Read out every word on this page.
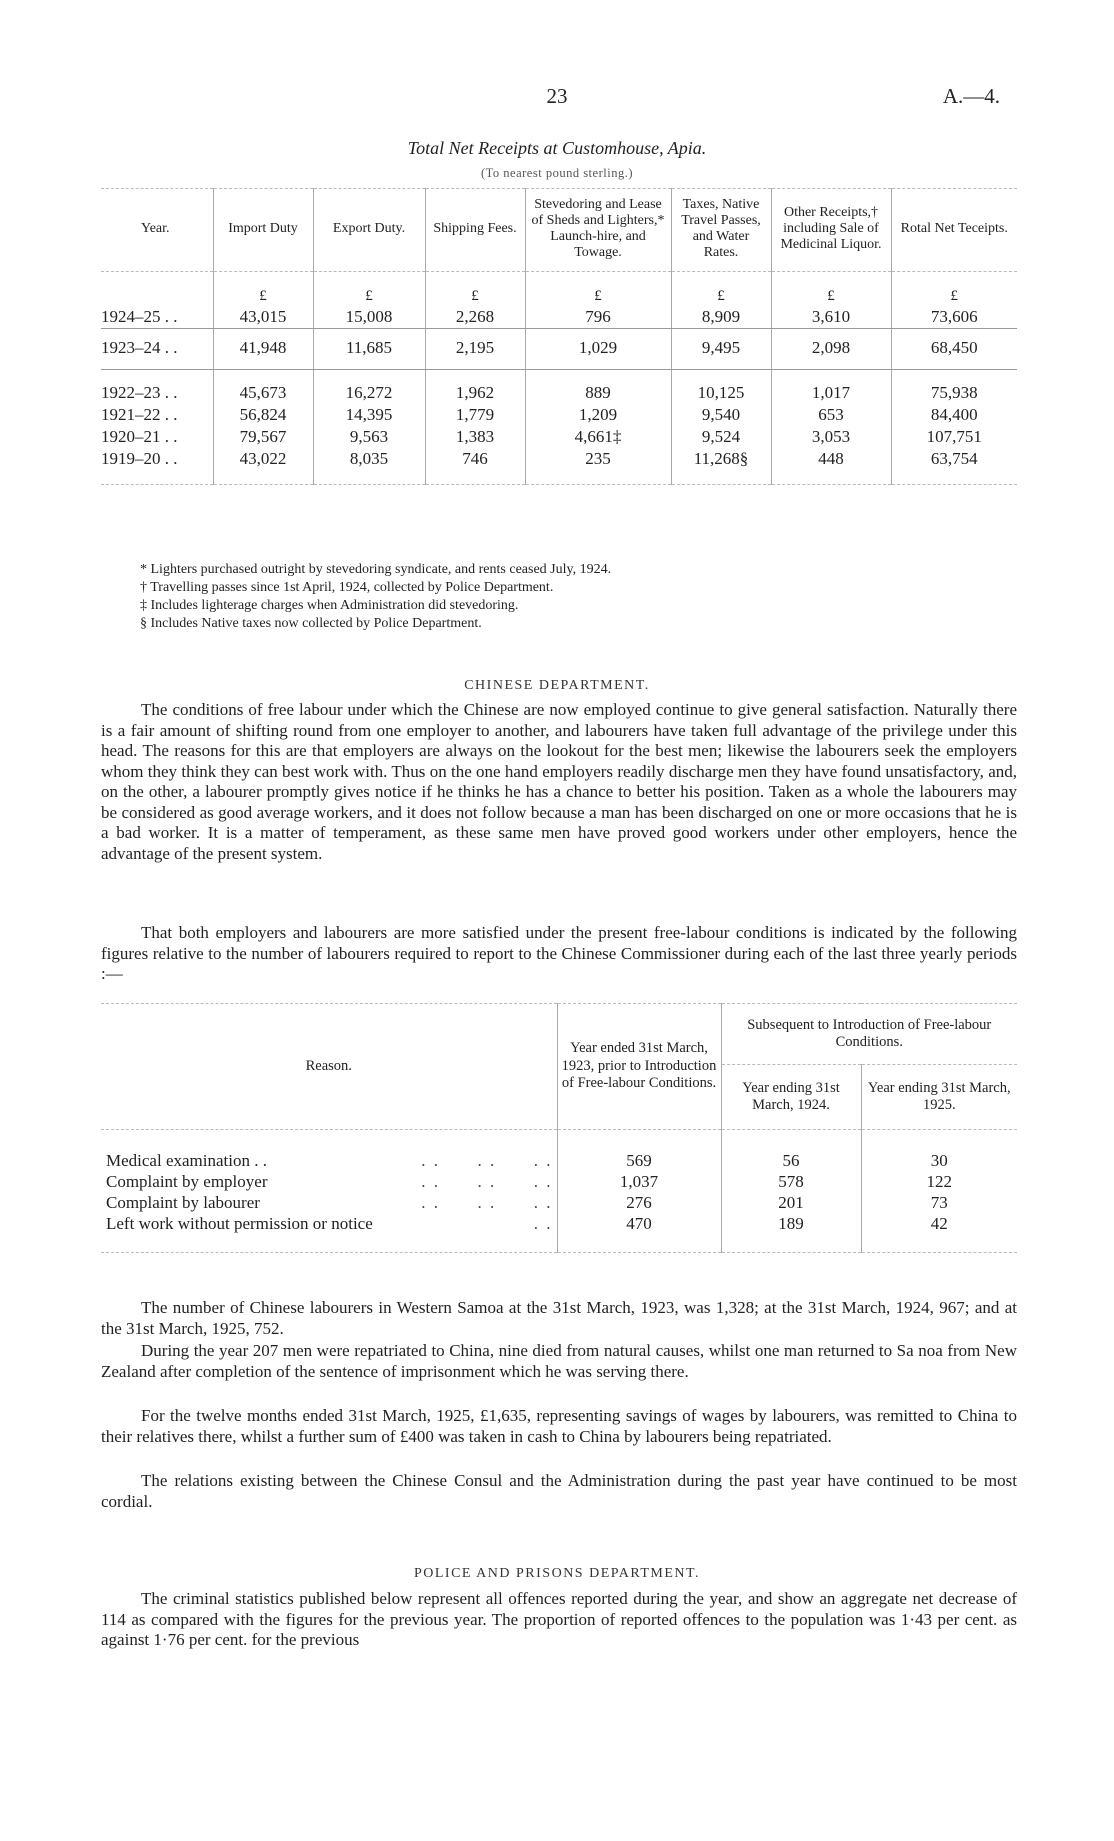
23	A.—4.
Total Net Receipts at Customhouse, Apia.
(To nearest pound sterling.)
Year.	Import Duty	Export Duty.	Shipping Fees.	Stevedoring and Lease of Sheds and Lighters,* Launch-hire, and Towage.	Taxes, Native Travel Passes, and Water Rates.	Other Receipts,† including Sale of Medicinal Liquor.	Rotal Net Teceipts.
	£	£	£	£	£	£	£
1924–25 . .	43,015	15,008	2,268	796	8,909	3,610	73,606
1923–24 . .	41,948	11,685	2,195	1,029	9,495	2,098	68,450
1922–23 . .	45,673	16,272	1,962	889	10,125	1,017	75,938
1921–22 . .	56,824	14,395	1,779	1,209	9,540	653	84,400
1920–21 . .	79,567	9,563	1,383	4,661‡	9,524	3,053	107,751
1919–20 . .	43,022	8,035	746	235	11,268§	448	63,754
* Lighters purchased outright by stevedoring syndicate, and rents ceased July, 1924.
† Travelling passes since 1st April, 1924, collected by Police Department.
‡ Includes lighterage charges when Administration did stevedoring.
§ Includes Native taxes now collected by Police Department.
CHINESE DEPARTMENT.
The conditions of free labour under which the Chinese are now employed continue to give general satisfaction. Naturally there is a fair amount of shifting round from one employer to another, and labourers have taken full advantage of the privilege under this head. The reasons for this are that employers are always on the lookout for the best men; likewise the labourers seek the employers whom they think they can best work with. Thus on the one hand employers readily discharge men they have found unsatisfactory, and, on the other, a labourer promptly gives notice if he thinks he has a chance to better his position. Taken as a whole the labourers may be considered as good average workers, and it does not follow because a man has been discharged on one or more occasions that he is a bad worker. It is a matter of temperament, as these same men have proved good workers under other employers, hence the advantage of the present system.
That both employers and labourers are more satisfied under the present free-labour conditions is indicated by the following figures relative to the number of labourers required to report to the Chinese Commissioner during each of the last three yearly periods :—
Reason.	Year ended 31st March, 1923, prior to Introduction of Free-labour Conditions.	Subsequent to Introduction of Free-labour Conditions.	
		Year ending 31st March, 1924.	Year ending 31st March, 1925.
Medical examination . . . .      . .      . .	569	56	30
Complaint by employer . .      . .      . .	1,037	578	122
Complaint by labourer . .      . .      . .	276	201	73
Left work without permission or notice . .	470	189	42
The number of Chinese labourers in Western Samoa at the 31st March, 1923, was 1,328; at the 31st March, 1924, 967; and at the 31st March, 1925, 752.
During the year 207 men were repatriated to China, nine died from natural causes, whilst one man returned to Sa noa from New Zealand after completion of the sentence of imprisonment which he was serving there.
For the twelve months ended 31st March, 1925, £1,635, representing savings of wages by labourers, was remitted to China to their relatives there, whilst a further sum of £400 was taken in cash to China by labourers being repatriated.
The relations existing between the Chinese Consul and the Administration during the past year have continued to be most cordial.
POLICE AND PRISONS DEPARTMENT.
The criminal statistics published below represent all offences reported during the year, and show an aggregate net decrease of 114 as compared with the figures for the previous year. The proportion of reported offences to the population was 1·43 per cent. as against 1·76 per cent. for the previous
